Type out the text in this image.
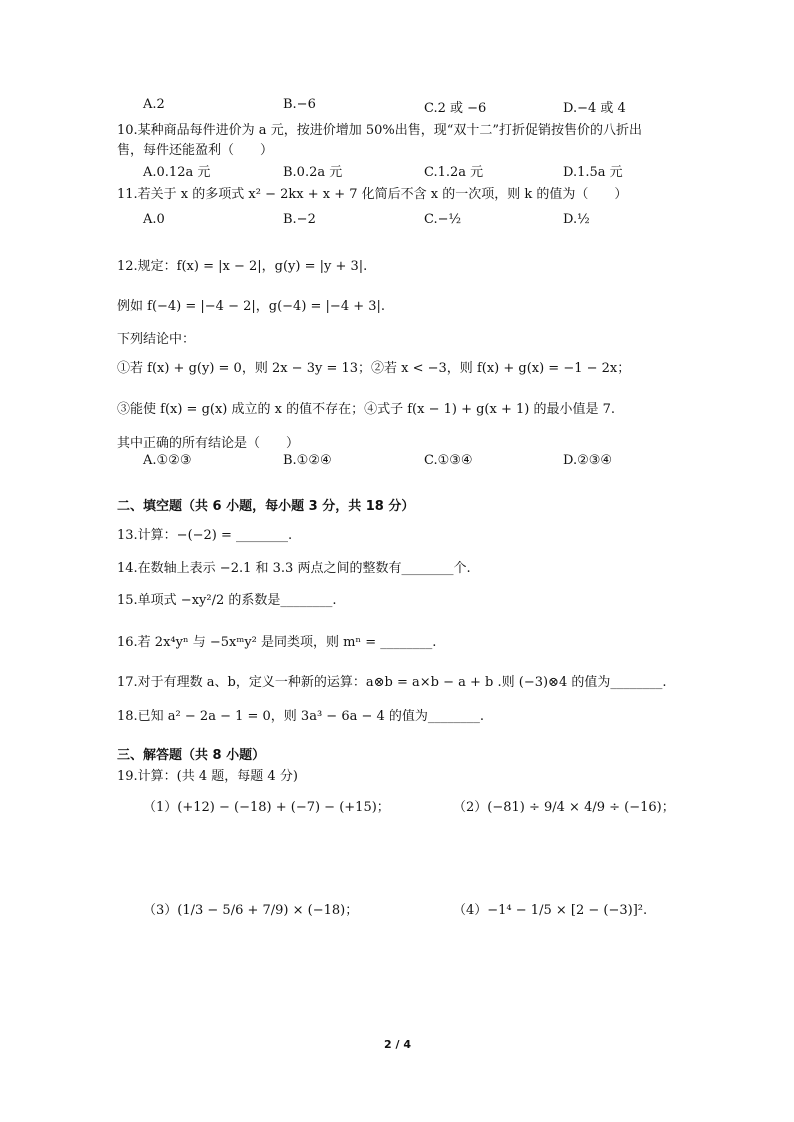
A.2	B.−6	C.2 或 −6	D.−4 或 4
10.某种商品每件进价为 a 元，按进价增加 50%出售，现“双十二”打折促销按售价的八折出
售，每件还能盈利（　　）
A.0.12a 元	B.0.2a 元	C.1.2a 元	D.1.5a 元
11.若关于 x 的多项式 x² − 2kx + x + 7 化简后不含 x 的一次项，则 k 的值为（　　）
A.0	B.−2	C.−½	D.½
12.规定：f(x) = |x − 2|，g(y) = |y + 3|.
例如 f(−4) = |−4 − 2|，g(−4) = |−4 + 3|.
下列结论中：
①若 f(x) + g(y) = 0，则 2x − 3y = 13；②若 x < −3，则 f(x) + g(x) = −1 − 2x；
③能使 f(x) = g(x) 成立的 x 的值不存在；④式子 f(x − 1) + g(x + 1) 的最小值是 7.
其中正确的所有结论是（　　）
A.①②③	B.①②④	C.①③④	D.②③④
二、填空题（共 6 小题，每小题 3 分，共 18 分）
13.计算：−(−2) = ________.
14.在数轴上表示 −2.1 和 3.3 两点之间的整数有________个.
15.单项式 −xy²/2 的系数是________.
16.若 2x⁴yⁿ 与 −5xᵐy² 是同类项，则 mⁿ = ________.
17.对于有理数 a、b，定义一种新的运算：a⊗b = a×b − a + b .则 (−3)⊗4 的值为________.
18.已知 a² − 2a − 1 = 0，则 3a³ − 6a − 4 的值为________.
三、解答题（共 8 小题）
19.计算：(共 4 题，每题 4 分)
（1）(+12) − (−18) + (−7) − (+15)；	（2）(−81) ÷ 9/4 × 4/9 ÷ (−16)；
（3）(1/3 − 5/6 + 7/9) × (−18)；	（4）−1⁴ − 1/5 × [2 − (−3)]².
2 / 4
